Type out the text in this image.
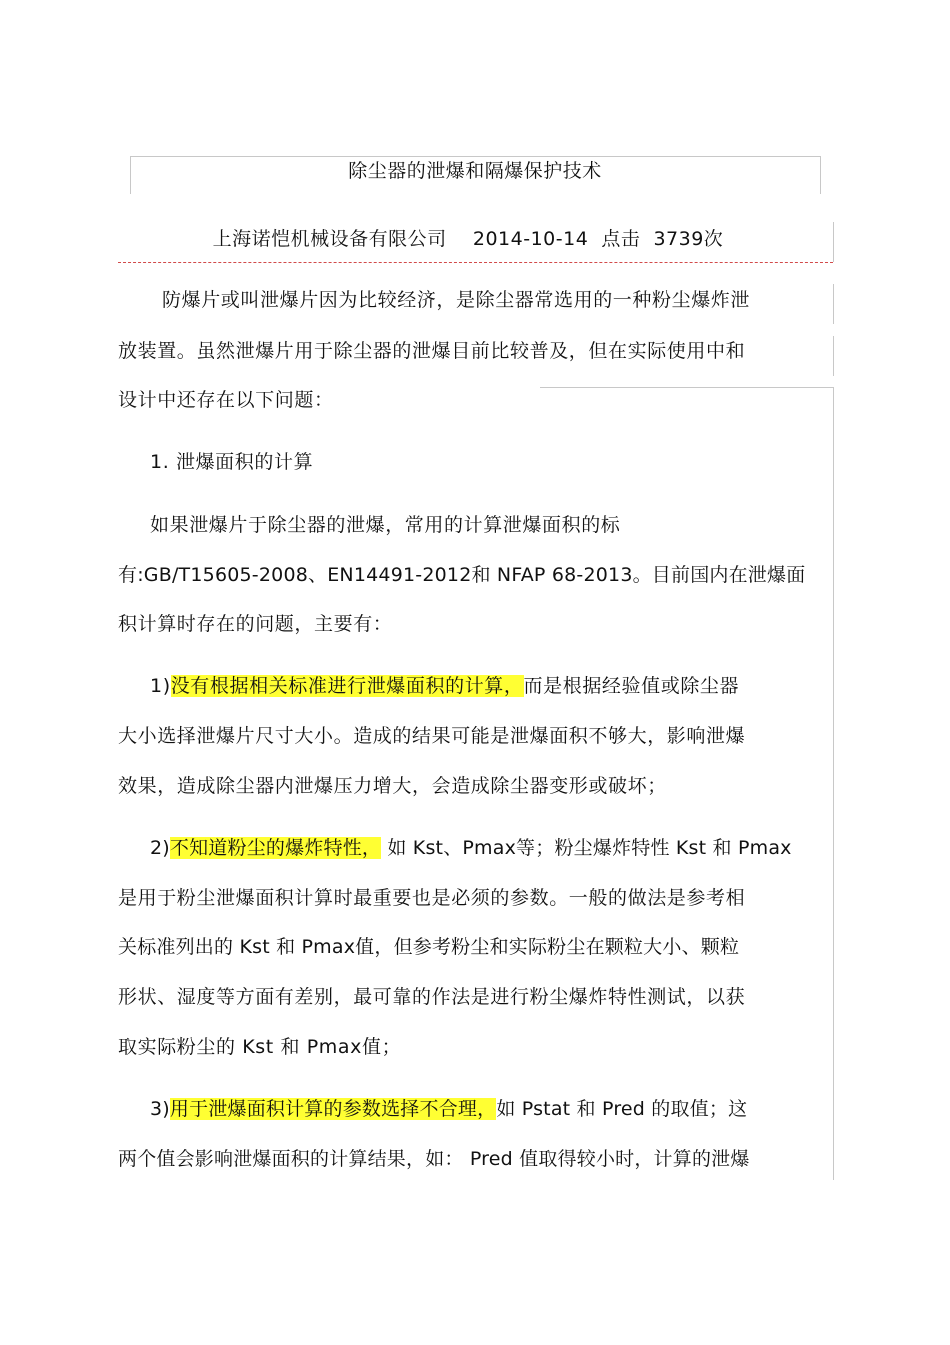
除尘器的泄爆和隔爆保护技术
上海诺恺机械设备有限公司 2014-10-14 点击  3739次
防爆片或叫泄爆片因为比较经济，是除尘器常选用的一种粉尘爆炸泄
放装置。虽然泄爆片用于除尘器的泄爆目前比较普及，但在实际使用中和
设计中还存在以下问题：
1. 泄爆面积的计算
如果泄爆片于除尘器的泄爆，常用的计算泄爆面积的标
有:GB/T15605-2008、EN14491-2012和 NFAP 68-2013。目前国内在泄爆面
积计算时存在的问题，主要有：
1)没有根据相关标准进行泄爆面积的计算，而是根据经验值或除尘器
大小选择泄爆片尺寸大小。造成的结果可能是泄爆面积不够大，影响泄爆
效果，造成除尘器内泄爆压力增大，会造成除尘器变形或破坏；
2)不知道粉尘的爆炸特性， 如 Kst、Pmax等；粉尘爆炸特性 Kst 和 Pmax
是用于粉尘泄爆面积计算时最重要也是必须的参数。一般的做法是参考相
关标准列出的 Kst 和 Pmax值，但参考粉尘和实际粉尘在颗粒大小、颗粒
形状、湿度等方面有差别，最可靠的作法是进行粉尘爆炸特性测试，以获
取实际粉尘的 Kst 和 Pmax值；
3)用于泄爆面积计算的参数选择不合理，如 Pstat 和 Pred 的取值；这
两个值会影响泄爆面积的计算结果，如： Pred 值取得较小时，计算的泄爆
